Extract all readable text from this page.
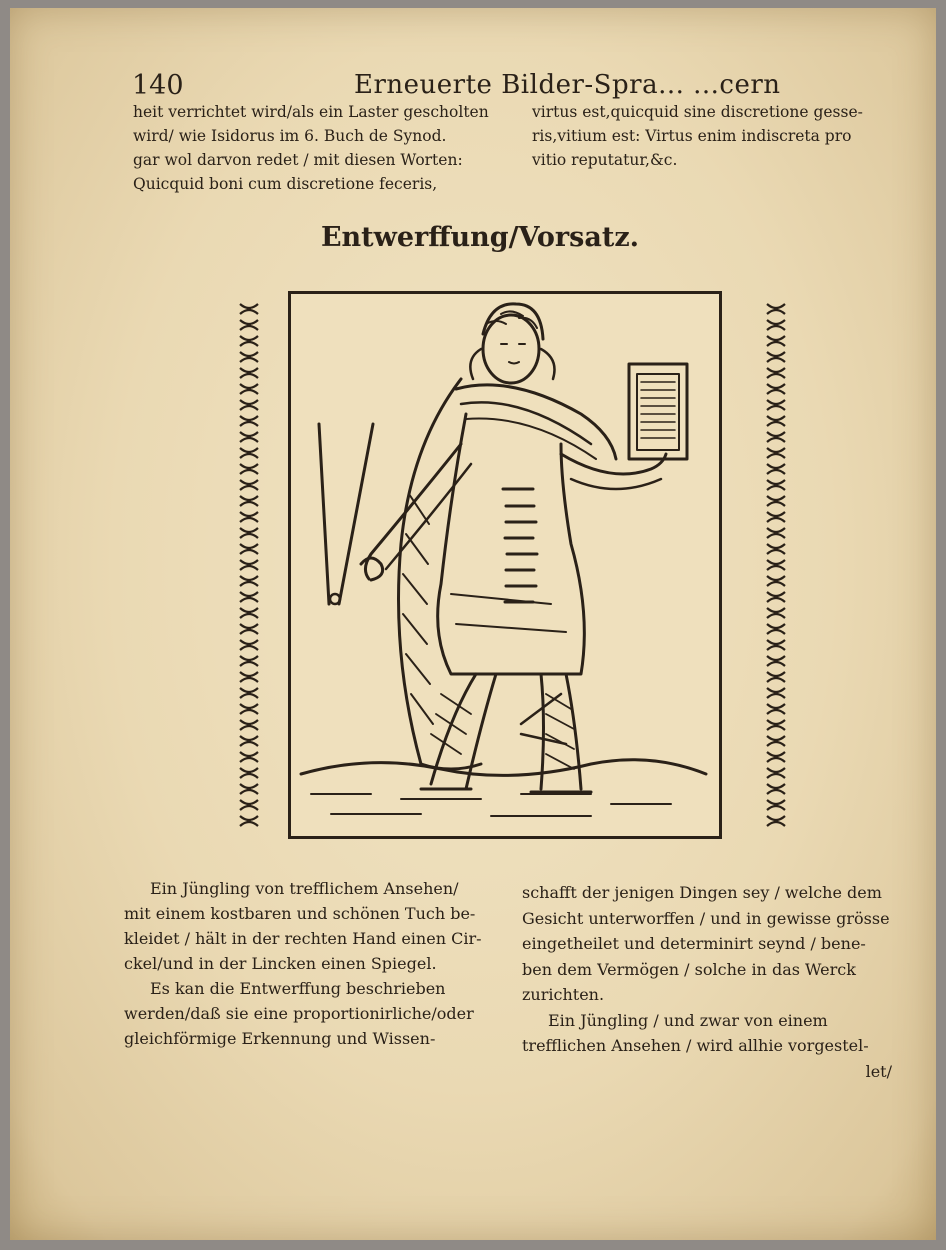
140	Erneuerte Bilder-Spra... ...cern
heit verrichtet wird/als ein Laster gescholten
wird/ wie Isidorus im 6. Buch de Synod.
gar wol darvon redet / mit diesen Worten:
Quicquid boni cum discretione feceris,
virtus est,quicquid sine discretione gesse-
ris,vitium est: Virtus enim indiscreta pro
vitio reputatur,&c.
Entwerffung/Vorsatz.
Ein Jüngling von trefflichem Ansehen/
mit einem kostbaren und schönen Tuch be-
kleidet / hält in der rechten Hand einen Cir-
ckel/und in der Lincken einen Spiegel.
Es kan die Entwerffung beschrieben
werden/daß sie eine proportionirliche/oder
gleichförmige Erkennung und Wissen-
schafft der jenigen Dingen sey / welche dem
Gesicht unterworffen / und in gewisse grösse
eingetheilet und determinirt seynd / bene-
ben dem Vermögen / solche in das Werck
zurichten.
Ein Jüngling / und zwar von einem
trefflichen Ansehen / wird allhie vorgestel-
let/
